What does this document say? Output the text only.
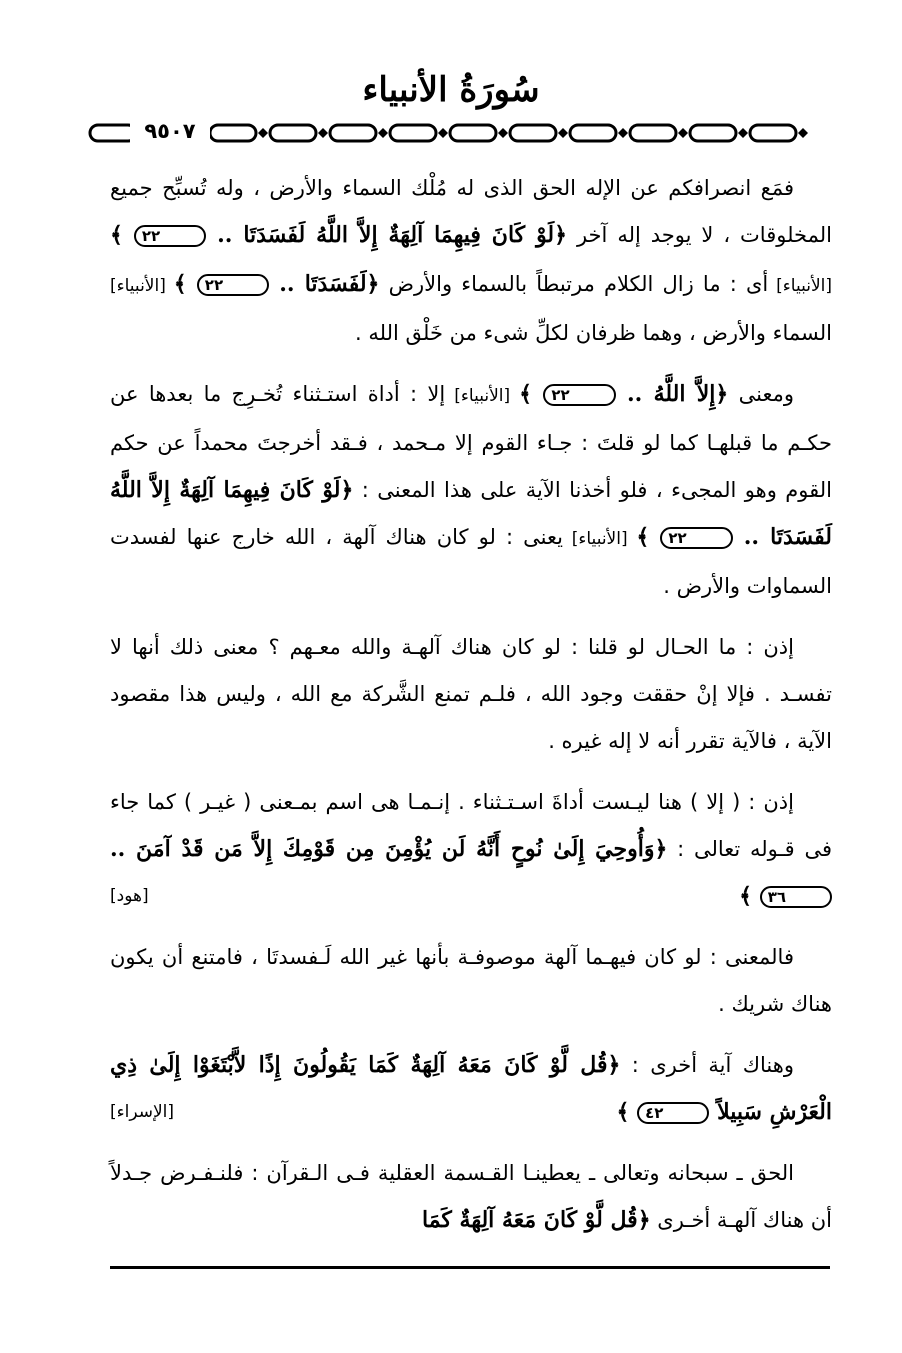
سُورَةُ الأنبياء
٩٥٠٧

فمَع انصرافكم عن الإله الحق الذى له مُلْك السماء والأرض ، وله تُسبِّح جميع المخلوقات ، لا يوجد إله آخر ﴿لَوْ كَانَ فِيهِمَا آلِهَةٌ إِلاَّ اللَّهُ لَفَسَدَتَا .. ٢٢ ﴾ [الأنبياء] أى : ما زال الكلام مرتبطاً بالسماء والأرض ﴿لَفَسَدَتَا .. ٢٢ ﴾ [الأنبياء] السماء والأرض ، وهما ظرفان لكلِّ شىء من خَلْق الله .

ومعنى ﴿إِلاَّ اللَّهُ .. ٢٢ ﴾ [الأنبياء] إلا : أداة استـثناء تُخـرِج ما بعدها عن حكـم ما قبلهـا كما لو قلتَ : جـاء القوم إلا مـحمد ، فـقد أخرجتَ محمداً عن حكم القوم وهو المجىء ، فلو أخذنا الآية على هذا المعنى : ﴿لَوْ كَانَ فِيهِمَا آلِهَةٌ إِلاَّ اللَّهُ لَفَسَدَتَا .. ٢٢ ﴾ [الأنبياء] يعنى : لو كان هناك آلهة ، الله خارج عنها لفسدت السماوات والأرض .

إذن : ما الحـال لو قلنا : لو كان هناك آلهـة والله معـهم ؟ معنى ذلك أنها لا تفسـد . فإلا إنْ حققت وجود الله ، فلـم تمنع الشَّركة مع الله ، وليس هذا مقصود الآية ، فالآية تقرر أنه لا إله غيره .

إذن : ( إلا ) هنا ليـست أداةَ اسـتـثناء . إنـمـا هى اسم بمـعنى ( غيـر ) كما جاء فى قـوله تعالى : ﴿وَأُوحِيَ إِلَىٰ نُوحٍ أَنَّهُ لَن يُؤْمِنَ مِن قَوْمِكَ إِلاَّ مَن قَدْ آمَنَ .. ٣٦ ﴾
[هود]

فالمعنى : لو كان فيهـما آلهة موصوفـة بأنها غير الله لَـفسدتَا ، فامتنع أن يكون هناك شريك .

وهناك آية أخرى : ﴿قُل لَّوْ كَانَ مَعَهُ آلِهَةٌ كَمَا يَقُولُونَ إِذًا لاَّبْتَغَوْا إِلَىٰ ذِي الْعَرْشِ سَبِيلاً ٤٢ ﴾
[الإسراء]

الحق ـ سبحانه وتعالى ـ يعطينـا القـسمة العقلية فـى الـقرآن : فلنـفـرض جـدلاً أن هناك آلهـة أخـرى ﴿قُل لَّوْ كَانَ مَعَهُ آلِهَةٌ كَمَا
